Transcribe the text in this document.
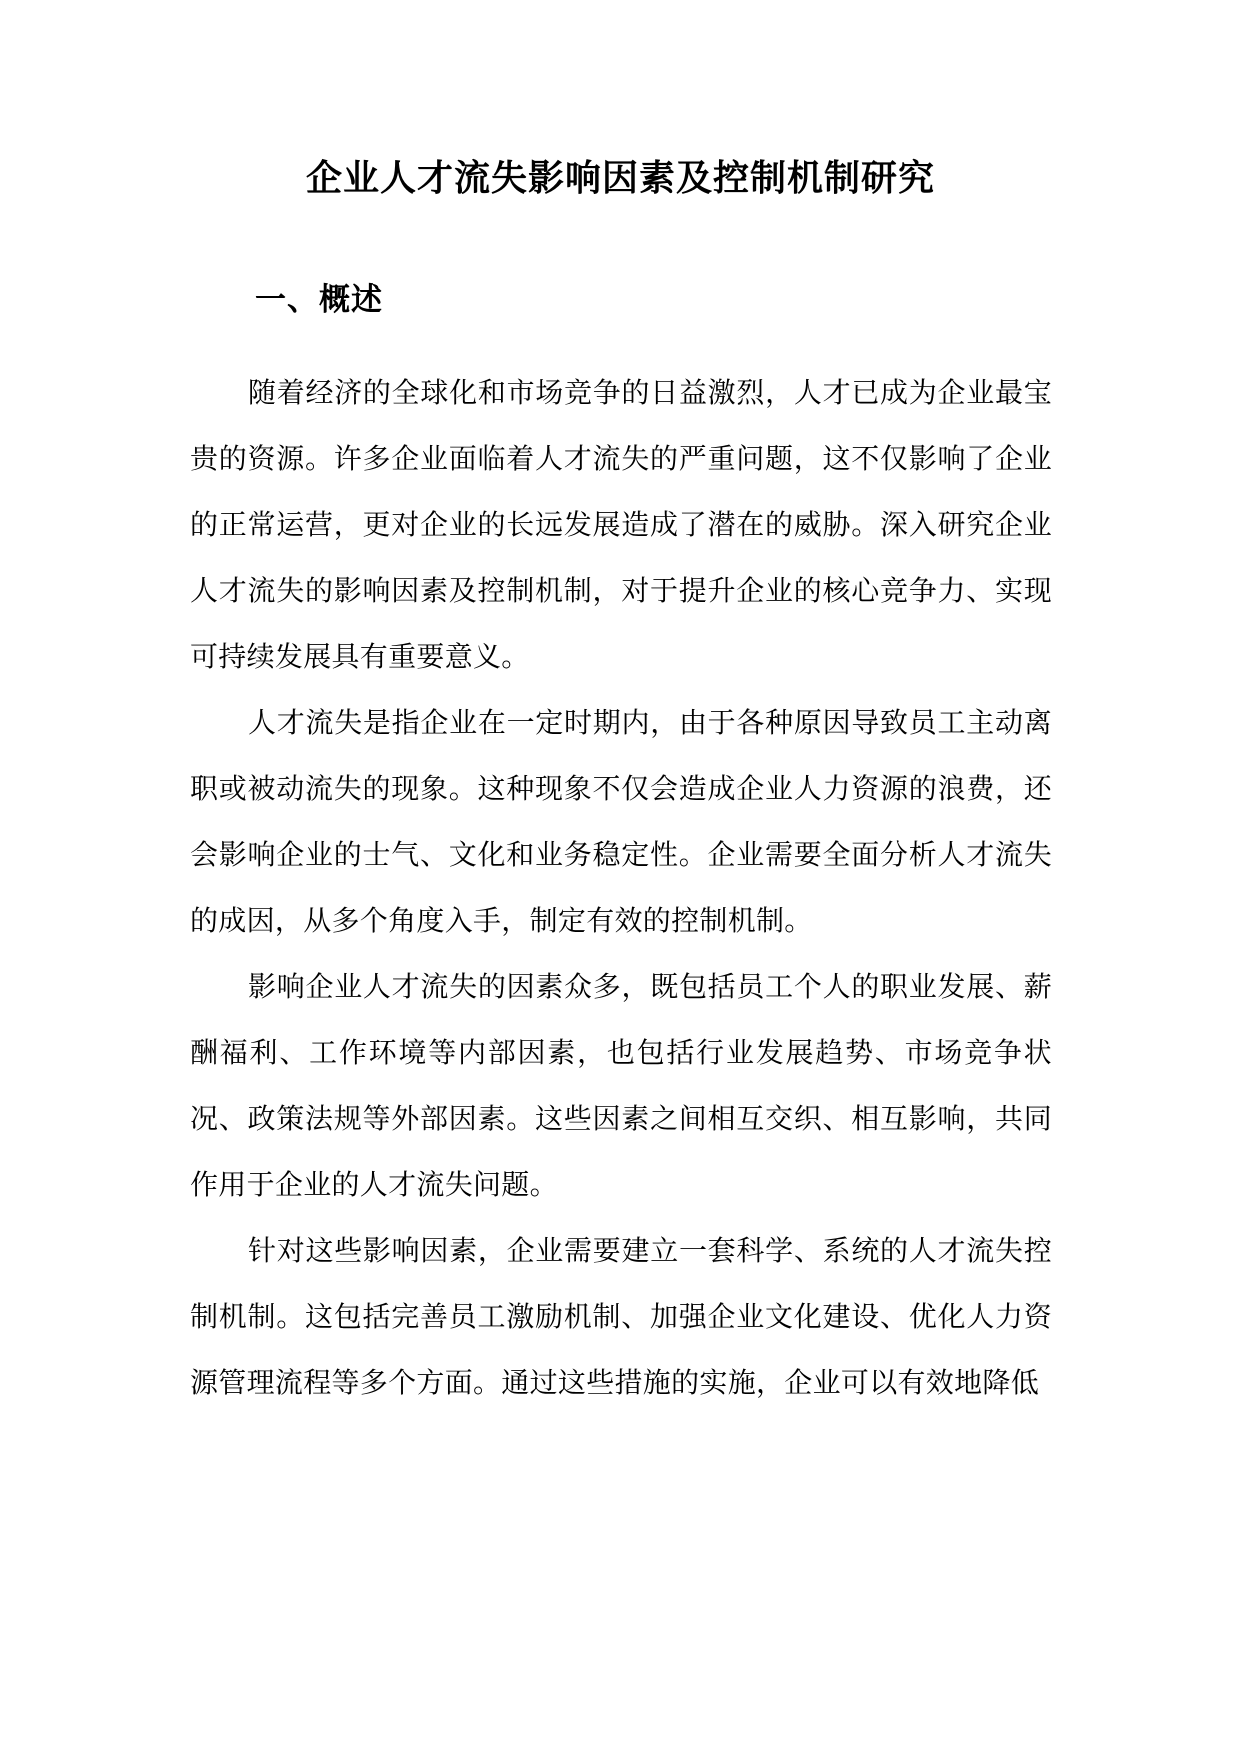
企业人才流失影响因素及控制机制研究
一、概述

随着经济的全球化和市场竞争的日益激烈，人才已成为企业最宝贵的资源。许多企业面临着人才流失的严重问题，这不仅影响了企业的正常运营，更对企业的长远发展造成了潜在的威胁。深入研究企业人才流失的影响因素及控制机制，对于提升企业的核心竞争力、实现可持续发展具有重要意义。

人才流失是指企业在一定时期内，由于各种原因导致员工主动离职或被动流失的现象。这种现象不仅会造成企业人力资源的浪费，还会影响企业的士气、文化和业务稳定性。企业需要全面分析人才流失的成因，从多个角度入手，制定有效的控制机制。

影响企业人才流失的因素众多，既包括员工个人的职业发展、薪酬福利、工作环境等内部因素，也包括行业发展趋势、市场竞争状况、政策法规等外部因素。这些因素之间相互交织、相互影响，共同作用于企业的人才流失问题。

针对这些影响因素，企业需要建立一套科学、系统的人才流失控制机制。这包括完善员工激励机制、加强企业文化建设、优化人力资源管理流程等多个方面。通过这些措施的实施，企业可以有效地降低
